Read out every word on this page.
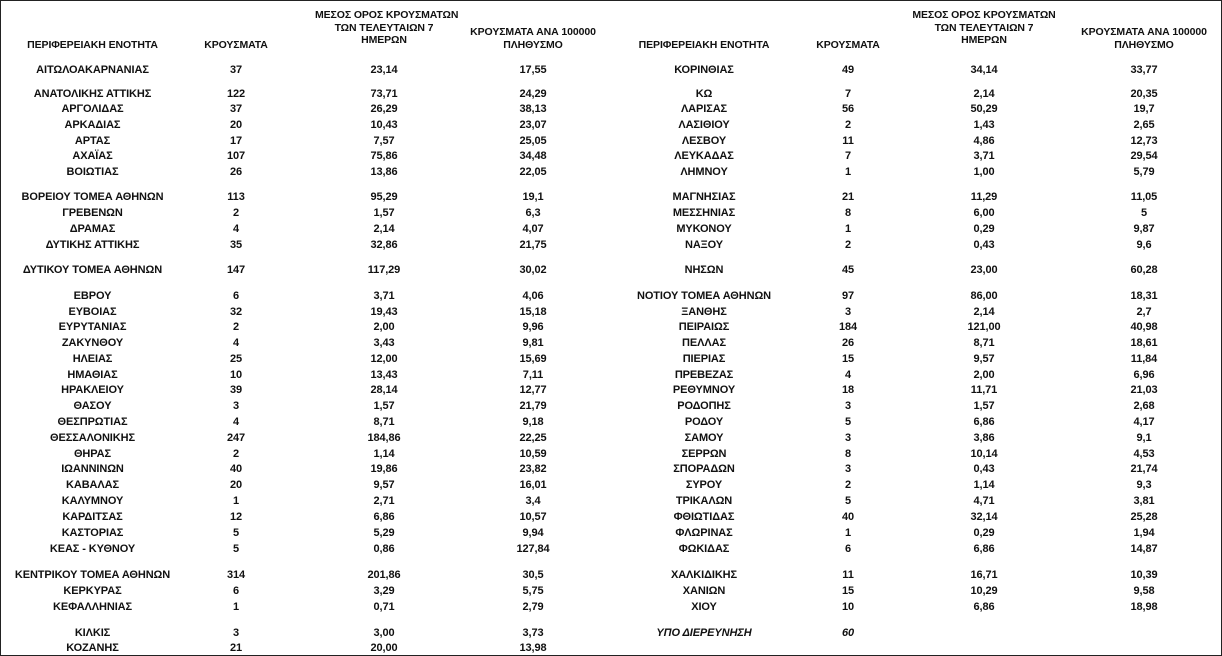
ΠΕΡΙΦΕΡΕΙΑΚΗ ΕΝΟΤΗΤΑ	ΚΡΟΥΣΜΑΤΑ
ΜΕΣΟΣ ΟΡΟΣ ΚΡΟΥΣΜΑΤΩΝ
ΤΩΝ ΤΕΛΕΥΤΑΙΩΝ 7
ΗΜΕΡΩΝ
ΚΡΟΥΣΜΑΤΑ ΑΝΑ 100000
ΠΛΗΘΥΣΜΟ
ΑΙΤΩΛΟΑΚΑΡΝΑΝΙΑΣ	37	23,14	17,55
ΑΝΑΤΟΛΙΚΗΣ ΑΤΤΙΚΗΣ	122	73,71	24,29
ΑΡΓΟΛΙΔΑΣ	37	26,29	38,13
ΑΡΚΑΔΙΑΣ	20	10,43	23,07
ΑΡΤΑΣ	17	7,57	25,05
ΑΧΑΪΑΣ	107	75,86	34,48
ΒΟΙΩΤΙΑΣ	26	13,86	22,05
ΒΟΡΕΙΟΥ ΤΟΜΕΑ ΑΘΗΝΩΝ	113	95,29	19,1
ΓΡΕΒΕΝΩΝ	2	1,57	6,3
ΔΡΑΜΑΣ	4	2,14	4,07
ΔΥΤΙΚΗΣ ΑΤΤΙΚΗΣ	35	32,86	21,75
ΔΥΤΙΚΟΥ ΤΟΜΕΑ ΑΘΗΝΩΝ	147	117,29	30,02
ΕΒΡΟΥ	6	3,71	4,06
ΕΥΒΟΙΑΣ	32	19,43	15,18
ΕΥΡΥΤΑΝΙΑΣ	2	2,00	9,96
ΖΑΚΥΝΘΟΥ	4	3,43	9,81
ΗΛΕΙΑΣ	25	12,00	15,69
ΗΜΑΘΙΑΣ	10	13,43	7,11
ΗΡΑΚΛΕΙΟΥ	39	28,14	12,77
ΘΑΣΟΥ	3	1,57	21,79
ΘΕΣΠΡΩΤΙΑΣ	4	8,71	9,18
ΘΕΣΣΑΛΟΝΙΚΗΣ	247	184,86	22,25
ΘΗΡΑΣ	2	1,14	10,59
ΙΩΑΝΝΙΝΩΝ	40	19,86	23,82
ΚΑΒΑΛΑΣ	20	9,57	16,01
ΚΑΛΥΜΝΟΥ	1	2,71	3,4
ΚΑΡΔΙΤΣΑΣ	12	6,86	10,57
ΚΑΣΤΟΡΙΑΣ	5	5,29	9,94
ΚΕΑΣ - ΚΥΘΝΟΥ	5	0,86	127,84
ΚΕΝΤΡΙΚΟΥ ΤΟΜΕΑ ΑΘΗΝΩΝ	314	201,86	30,5
ΚΕΡΚΥΡΑΣ	6	3,29	5,75
ΚΕΦΑΛΛΗΝΙΑΣ	1	0,71	2,79
ΚΙΛΚΙΣ	3	3,00	3,73
ΚΟΖΑΝΗΣ	21	20,00	13,98
ΠΕΡΙΦΕΡΕΙΑΚΗ ΕΝΟΤΗΤΑ	ΚΡΟΥΣΜΑΤΑ
ΜΕΣΟΣ ΟΡΟΣ ΚΡΟΥΣΜΑΤΩΝ
ΤΩΝ ΤΕΛΕΥΤΑΙΩΝ 7
ΗΜΕΡΩΝ
ΚΡΟΥΣΜΑΤΑ ΑΝΑ 100000
ΠΛΗΘΥΣΜΟ
ΚΟΡΙΝΘΙΑΣ	49	34,14	33,77
ΚΩ	7	2,14	20,35
ΛΑΡΙΣΑΣ	56	50,29	19,7
ΛΑΣΙΘΙΟΥ	2	1,43	2,65
ΛΕΣΒΟΥ	11	4,86	12,73
ΛΕΥΚΑΔΑΣ	7	3,71	29,54
ΛΗΜΝΟΥ	1	1,00	5,79
ΜΑΓΝΗΣΙΑΣ	21	11,29	11,05
ΜΕΣΣΗΝΙΑΣ	8	6,00	5
ΜΥΚΟΝΟΥ	1	0,29	9,87
ΝΑΞΟΥ	2	0,43	9,6
ΝΗΣΩΝ	45	23,00	60,28
ΝΟΤΙΟΥ ΤΟΜΕΑ ΑΘΗΝΩΝ	97	86,00	18,31
ΞΑΝΘΗΣ	3	2,14	2,7
ΠΕΙΡΑΙΩΣ	184	121,00	40,98
ΠΕΛΛΑΣ	26	8,71	18,61
ΠΙΕΡΙΑΣ	15	9,57	11,84
ΠΡΕΒΕΖΑΣ	4	2,00	6,96
ΡΕΘΥΜΝΟΥ	18	11,71	21,03
ΡΟΔΟΠΗΣ	3	1,57	2,68
ΡΟΔΟΥ	5	6,86	4,17
ΣΑΜΟΥ	3	3,86	9,1
ΣΕΡΡΩΝ	8	10,14	4,53
ΣΠΟΡΑΔΩΝ	3	0,43	21,74
ΣΥΡΟΥ	2	1,14	9,3
ΤΡΙΚΑΛΩΝ	5	4,71	3,81
ΦΘΙΩΤΙΔΑΣ	40	32,14	25,28
ΦΛΩΡΙΝΑΣ	1	0,29	1,94
ΦΩΚΙΔΑΣ	6	6,86	14,87
ΧΑΛΚΙΔΙΚΗΣ	11	16,71	10,39
ΧΑΝΙΩΝ	15	10,29	9,58
ΧΙΟΥ	10	6,86	18,98
ΥΠΟ ΔΙΕΡΕΥΝΗΣΗ	60
